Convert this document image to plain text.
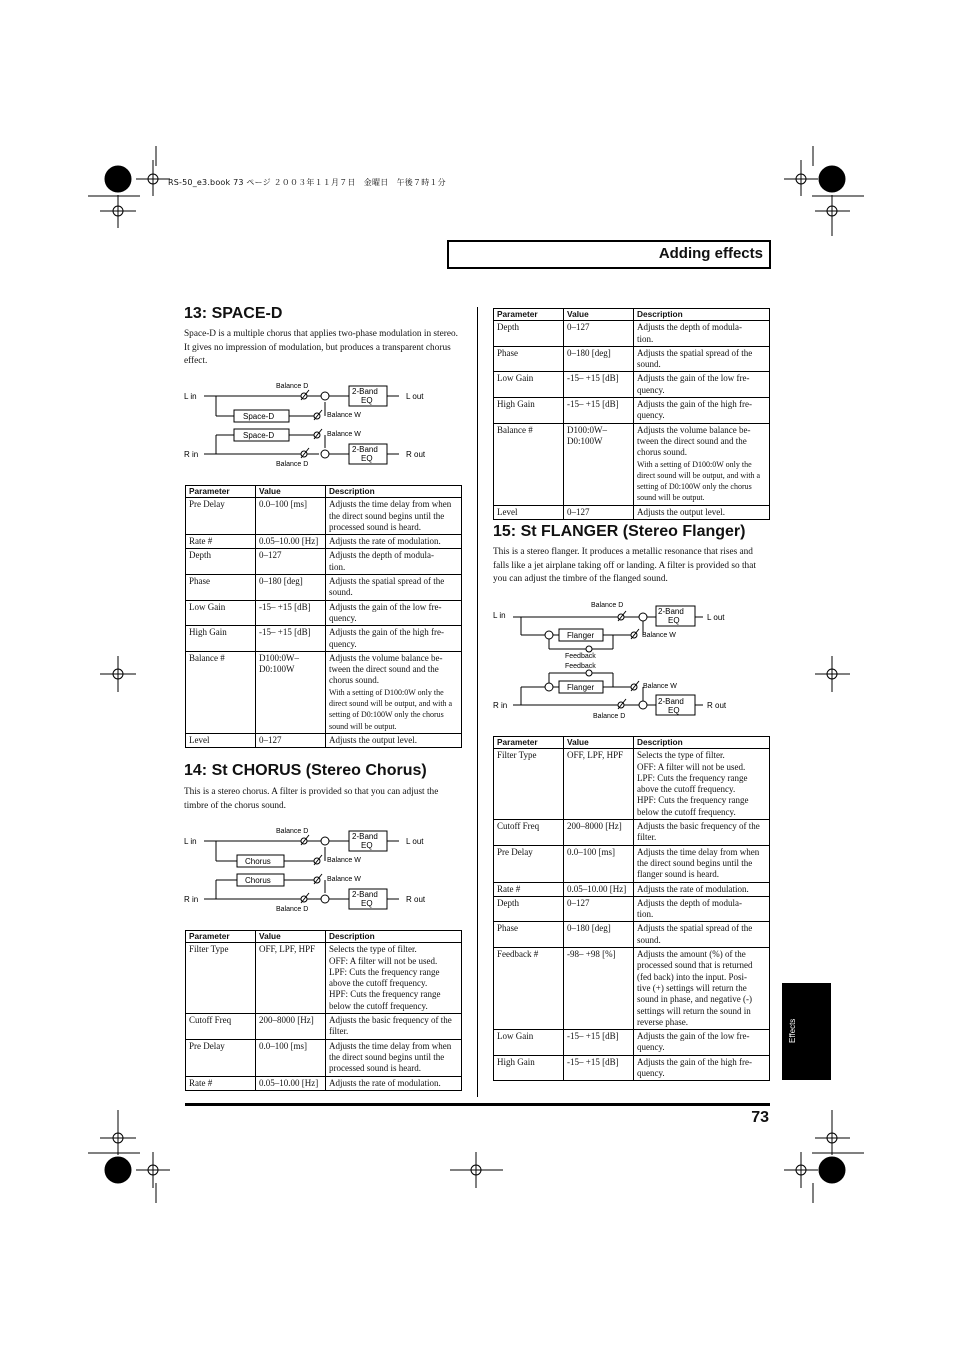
RS-50_e3.book 73 ページ ２００３年１１月７日　金曜日　午後７時１分
Adding effects
13: SPACE-D

Space-D is a multiple chorus that applies two-phase modulation in stereo. It gives no impression of modulation, but produces a transparent chorus effect.

L in
R in
L out
R out
Space-D
Space-D
2-Band
EQ
2-Band
EQ
Balance D
Balance D
Balance W
Balance W
Parameter	Value	Description
Pre Delay	0.0–100 [ms]	Adjusts the time delay from when the direct sound begins until the processed sound is heard.
Rate #	0.05–10.00 [Hz]	Adjusts the rate of modulation.
Depth	0–127	Adjusts the depth of modula-
tion.
Phase	0–180 [deg]	Adjusts the spatial spread of the sound.
Low Gain	-15– +15 [dB]	Adjusts the gain of the low fre-
quency.
High Gain	-15– +15 [dB]	Adjusts the gain of the high fre-
quency.
Balance #	D100:0W–
D0:100W	Adjusts the volume balance be-
tween the direct sound and the chorus sound.
With a setting of D100:0W only the direct sound will be output, and with a setting of D0:100W only the chorus sound will be output.

Level	0–127	Adjusts the output level.
14: St CHORUS (Stereo Chorus)

This is a stereo chorus. A filter is provided so that you can adjust the timbre of the chorus sound.

L in
R in
L out
R out
Chorus
Chorus
2-Band
EQ
2-Band
EQ
Balance D
Balance D
Balance W
Balance W
Parameter	Value	Description
Filter Type	OFF, LPF, HPF	Selects the type of filter.
OFF: A filter will not be used.
LPF: Cuts the frequency range above the cutoff frequency.
HPF: Cuts the frequency range below the cutoff frequency.
Cutoff Freq	200–8000 [Hz]	Adjusts the basic frequency of the filter.
Pre Delay	0.0–100 [ms]	Adjusts the time delay from when the direct sound begins until the processed sound is heard.
Rate #	0.05–10.00 [Hz]	Adjusts the rate of modulation.
Parameter	Value	Description
Depth	0–127	Adjusts the depth of modula-
tion.
Phase	0–180 [deg]	Adjusts the spatial spread of the sound.
Low Gain	-15– +15 [dB]	Adjusts the gain of the low fre-
quency.
High Gain	-15– +15 [dB]	Adjusts the gain of the high fre-
quency.
Balance #	D100:0W–
D0:100W	Adjusts the volume balance be-
tween the direct sound and the chorus sound.
With a setting of D100:0W only the direct sound will be output, and with a setting of D0:100W only the chorus sound will be output.

Level	0–127	Adjusts the output level.
15: St FLANGER (Stereo Flanger)

This is a stereo flanger. It produces a metallic resonance that rises and falls like a jet airplane taking off or landing. A filter is provided so that you can adjust the timbre of the flanged sound.

L in
R in
L out
R out
Flanger
Flanger
2-Band
EQ
2-Band
EQ
Balance D
Balance D
Balance W
Balance W
Feedback
Feedback
Parameter	Value	Description
Filter Type	OFF, LPF, HPF	Selects the type of filter.
OFF: A filter will not be used.
LPF: Cuts the frequency range above the cutoff frequency.
HPF: Cuts the frequency range below the cutoff frequency.
Cutoff Freq	200–8000 [Hz]	Adjusts the basic frequency of the filter.
Pre Delay	0.0–100 [ms]	Adjusts the time delay from when the direct sound begins until the flanger sound is heard.
Rate #	0.05–10.00 [Hz]	Adjusts the rate of modulation.
Depth	0–127	Adjusts the depth of modula-
tion.
Phase	0–180 [deg]	Adjusts the spatial spread of the sound.
Feedback #	-98– +98 [%]	Adjusts the amount (%) of the processed sound that is returned (fed back) into the input. Posi-
tive (+) settings will return the sound in phase, and negative (-) settings will return the sound in reverse phase.
Low Gain	-15– +15 [dB]	Adjusts the gain of the low fre-
quency.
High Gain	-15– +15 [dB]	Adjusts the gain of the high fre-
quency.
73
Effects
